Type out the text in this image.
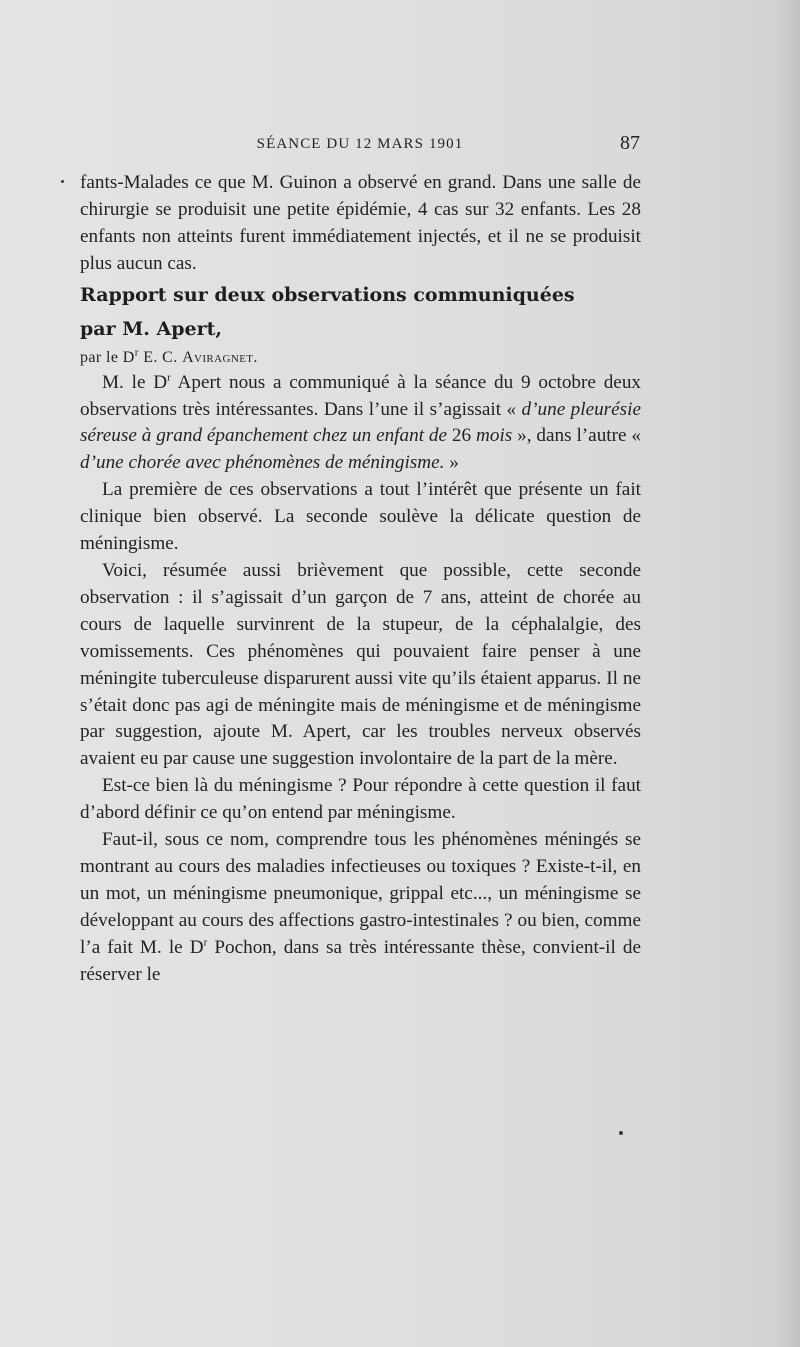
SÉANCE DU 12 MARS 1901	87

fants-Malades ce que M. Guinon a observé en grand. Dans une salle de chirurgie se produisit une petite épidémie, 4 cas sur 32 enfants. Les 28 enfants non atteints furent immédiatement injectés, et il ne se produisit plus aucun cas.

Rapport sur deux observations communiquées

par M. Apert,

par le $D^r$ E. C. Aviragnet.

M. le $D^r$ Apert nous a communiqué à la séance du 9 octobre deux observations très intéressantes. Dans l’une il s’agissait « d’une pleurésie séreuse à grand épanchement chez un enfant de 26 mois », dans l’autre « d’une chorée avec phénomènes de méningisme. »

La première de ces observations a tout l’intérêt que présente un fait clinique bien observé. La seconde soulève la délicate question de méningisme.

Voici, résumée aussi brièvement que possible, cette seconde observation : il s’agissait d’un garçon de 7 ans, atteint de chorée au cours de laquelle survinrent de la stupeur, de la céphalalgie, des vomissements. Ces phénomènes qui pouvaient faire penser à une méningite tuberculeuse disparurent aussi vite qu’ils étaient apparus. Il ne s’était donc pas agi de méningite mais de méningisme et de méningisme par suggestion, ajoute M. Apert, car les troubles nerveux observés avaient eu par cause une suggestion involontaire de la part de la mère.

Est-ce bien là du méningisme ? Pour répondre à cette question il faut d’abord définir ce qu’on entend par méningisme.

Faut-il, sous ce nom, comprendre tous les phénomènes méningés se montrant au cours des maladies infectieuses ou toxiques ? Existe-t-il, en un mot, un méningisme pneumonique, grippal etc..., un méningisme se développant au cours des affections gastro-intestinales ? ou bien, comme l’a fait M. le $D^r$ Pochon, dans sa très intéressante thèse, convient-il de réserver le
